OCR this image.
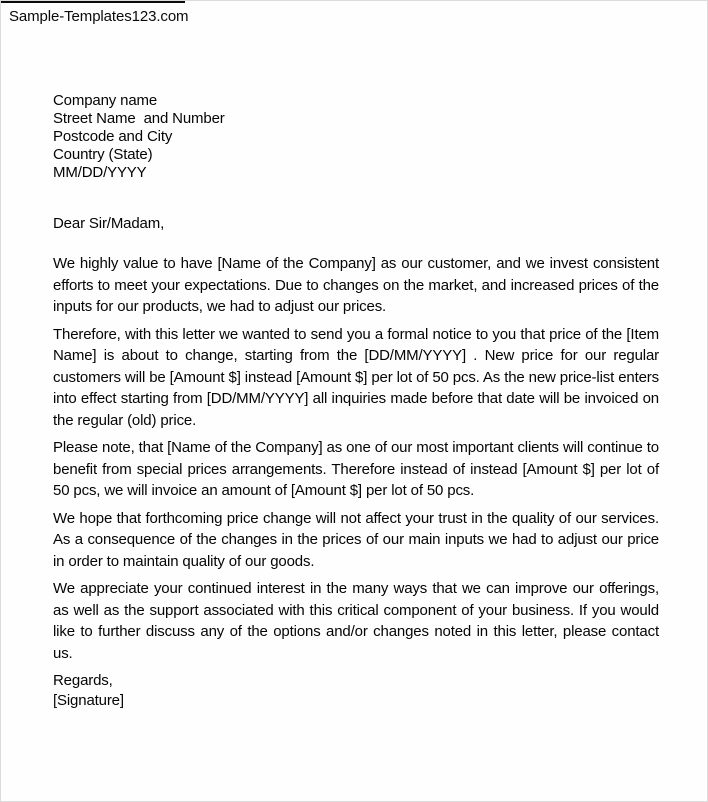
Sample-Templates123.com
Company name
Street Name  and Number
Postcode and City
Country (State)
MM/DD/YYYY
Dear Sir/Madam,

We highly value to have [Name of the Company] as our customer, and we invest consistent efforts to meet your expectations. Due to changes on the market, and increased prices of the inputs for our products, we had to adjust our prices.

Therefore, with this letter we wanted to send you a formal notice to you that price of the [Item Name] is about to change, starting from the [DD/MM/YYYY] . New price for our regular customers will be [Amount $] instead [Amount $] per lot of 50 pcs. As the new price-list enters into effect starting from [DD/MM/YYYY] all inquiries made before that date will be invoiced on the regular (old) price.

Please note, that [Name of the Company] as one of our most important clients will continue to benefit from special prices arrangements. Therefore instead of instead [Amount $] per lot of 50 pcs, we will invoice an amount of [Amount $] per lot of 50 pcs.

We hope that forthcoming price change will not affect your trust in the quality of our services. As a consequence of the changes in the prices of our main inputs we had to adjust our price in order to maintain quality of our goods.

We appreciate your continued interest in the many ways that we can improve our offerings, as well as the support associated with this critical component of your business. If you would like to further discuss any of the options and/or changes noted in this letter, please contact us.

Regards,
[Signature]
